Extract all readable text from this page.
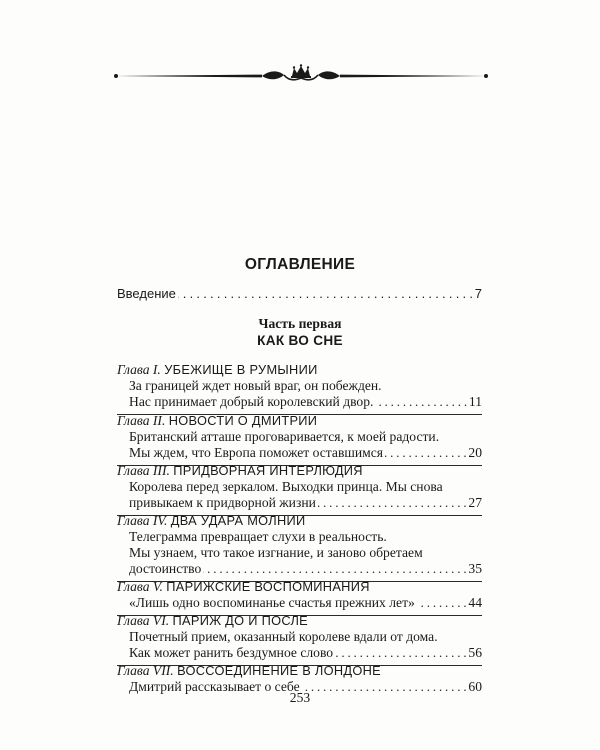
ОГЛАВЛЕНИЕ
Введение . . .	7
Часть первая
КАК ВО СНЕ
Глава I. УБЕЖИЩЕ В РУМЫНИИ
За границей ждет новый враг, он побежден.
Нас принимает добрый королевский двор. . . .	11
Глава II. НОВОСТИ О ДМИТРИИ
Британский атташе проговаривается, к моей радости.
Мы ждем, что Европа поможет оставшимся . . .	20
Глава III. ПРИДВОРНАЯ ИНТЕРЛЮДИЯ
Королева перед зеркалом. Выходки принца. Мы снова
привыкаем к придворной жизни . . .	27
Глава IV. ДВА УДАРА МОЛНИИ
Телеграмма превращает слухи в реальность.
Мы узнаем, что такое изгнание, и заново обретаем
достоинство . . .	35
Глава V. ПАРИЖСКИЕ ВОСПОМИНАНИЯ
«Лишь одно воспоминанье счастья прежних лет» . . .	44
Глава VI. ПАРИЖ ДО И ПОСЛЕ
Почетный прием, оказанный королеве вдали от дома.
Как может ранить бездумное слово . . .	56
Глава VII. ВОССОЕДИНЕНИЕ В ЛОНДОНЕ
Дмитрий рассказывает о себе . . .	60
253
